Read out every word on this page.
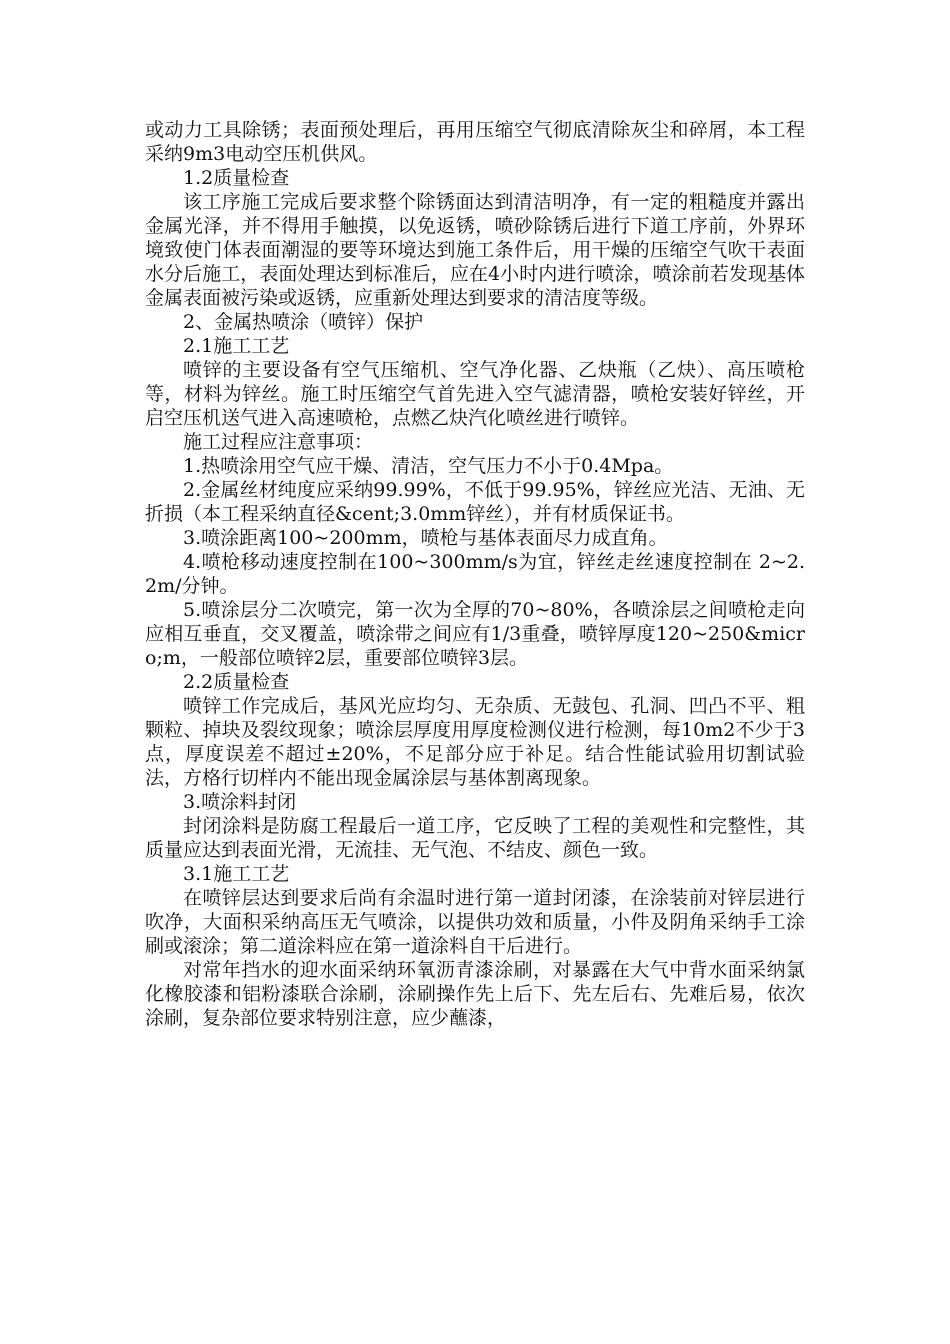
或动力工具除锈；表面预处理后，再用压缩空气彻底清除灰尘和碎屑，本工程采纳9m3电动空压机供风。

1.2质量检查

该工序施工完成后要求整个除锈面达到清洁明净，有一定的粗糙度并露出金属光泽，并不得用手触摸，以免返锈，喷砂除锈后进行下道工序前，外界环境致使门体表面潮湿的要等环境达到施工条件后，用干燥的压缩空气吹干表面水分后施工，表面处理达到标准后，应在4小时内进行喷涂，喷涂前若发现基体金属表面被污染或返锈，应重新处理达到要求的清洁度等级。

2、金属热喷涂（喷锌）保护

2.1施工工艺

喷锌的主要设备有空气压缩机、空气净化器、乙炔瓶（乙炔）、高压喷枪等，材料为锌丝。施工时压缩空气首先进入空气滤清器，喷枪安装好锌丝，开启空压机送气进入高速喷枪，点燃乙炔汽化喷丝进行喷锌。

施工过程应注意事项：

1.热喷涂用空气应干燥、清洁，空气压力不小于0.4Mpa。

2.金属丝材纯度应采纳99.99%，不低于99.95%，锌丝应光洁、无油、无折损（本工程采纳直径&cent;3.0mm锌丝），并有材质保证书。

3.喷涂距离100~200mm，喷枪与基体表面尽力成直角。

4.喷枪移动速度控制在100~300mm/s为宜，锌丝走丝速度控制在 2~2.2m/分钟。

5.喷涂层分二次喷完，第一次为全厚的70~80%，各喷涂层之间喷枪走向应相互垂直，交叉覆盖，喷涂带之间应有1/3重叠，喷锌厚度120~250&micro;m，一般部位喷锌2层，重要部位喷锌3层。

2.2质量检查

喷锌工作完成后，基风光应均匀、无杂质、无鼓包、孔洞、凹凸不平、粗颗粒、掉块及裂纹现象；喷涂层厚度用厚度检测仪进行检测，每10m2不少于3点，厚度误差不超过±20%，不足部分应于补足。结合性能试验用切割试验法，方格行切样内不能出现金属涂层与基体割离现象。

3.喷涂料封闭

封闭涂料是防腐工程最后一道工序，它反映了工程的美观性和完整性，其质量应达到表面光滑，无流挂、无气泡、不结皮、颜色一致。

3.1施工工艺

在喷锌层达到要求后尚有余温时进行第一道封闭漆，在涂装前对锌层进行吹净，大面积采纳高压无气喷涂，以提供功效和质量，小件及阴角采纳手工涂刷或滚涂；第二道涂料应在第一道涂料自干后进行。

对常年挡水的迎水面采纳环氧沥青漆涂刷，对暴露在大气中背水面采纳氯化橡胶漆和铝粉漆联合涂刷，涂刷操作先上后下、先左后右、先难后易，依次涂刷，复杂部位要求特别注意，应少蘸漆，
